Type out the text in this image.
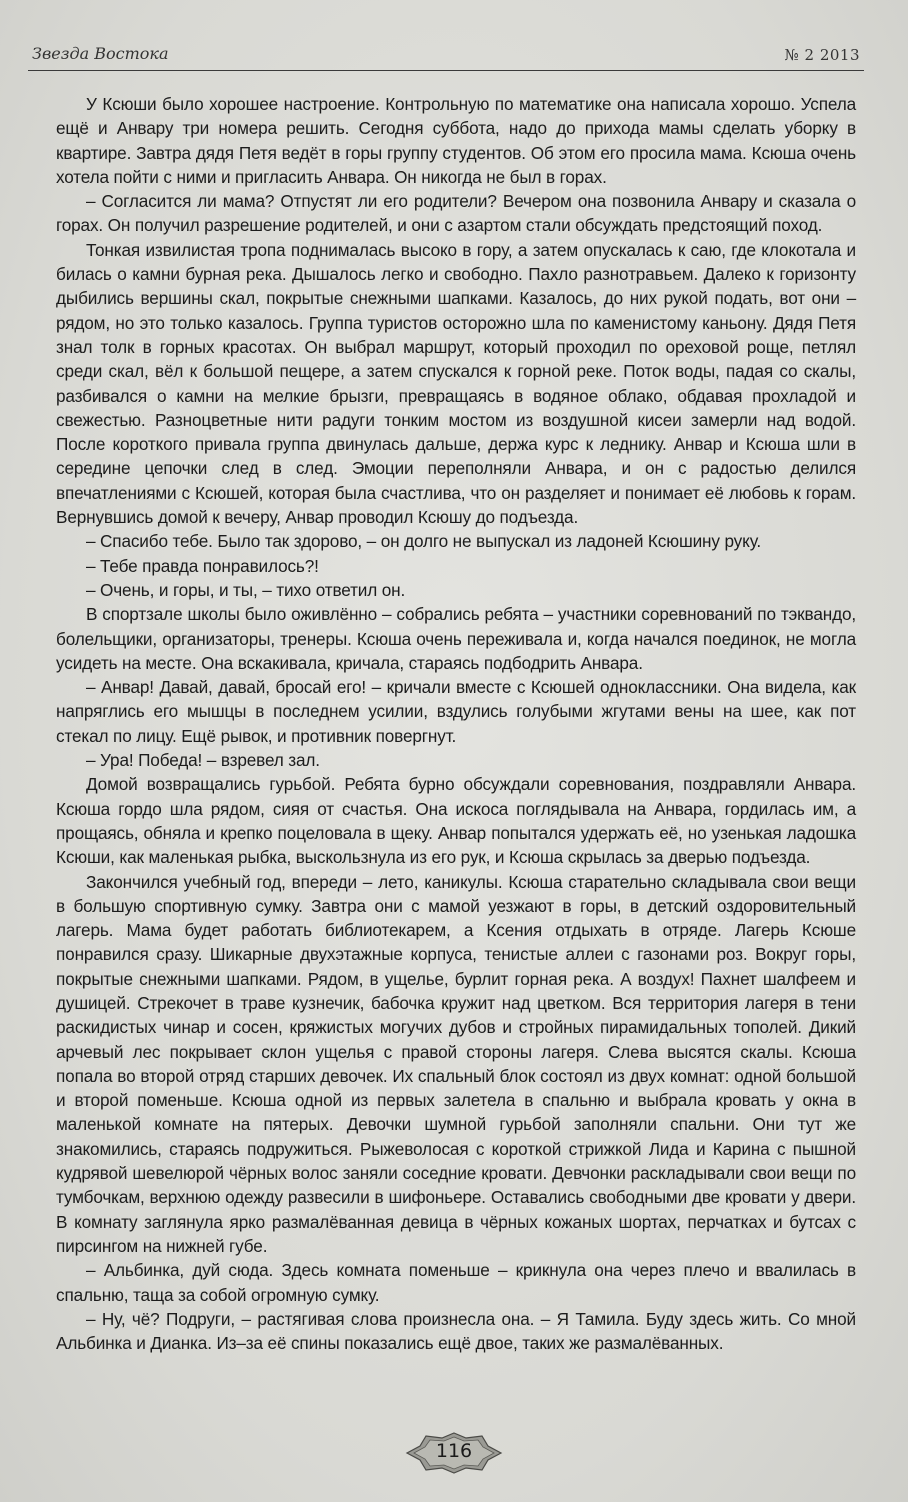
Звезда Востока	№ 2 2013

У Ксюши было хорошее настроение. Контрольную по математике она написала хорошо. Успела ещё и Анвару три номера решить. Сегодня суббота, надо до прихода мамы сделать уборку в квартире. Завтра дядя Петя ведёт в горы группу студентов. Об этом его просила мама. Ксюша очень хотела пойти с ними и пригласить Анвара. Он никогда не был в горах.

– Согласится ли мама? Отпустят ли его родители? Вечером она позвонила Анвару и сказала о горах. Он получил разрешение родителей, и они с азартом стали обсуждать предстоящий поход.

Тонкая извилистая тропа поднималась высоко в гору, а затем опускалась к саю, где клокотала и билась о камни бурная река. Дышалось легко и свободно. Пахло разнотравьем. Далеко к горизонту дыбились вершины скал, покрытые снежными шапками. Казалось, до них рукой подать, вот они – рядом, но это только казалось. Группа туристов осторожно шла по каменистому каньону. Дядя Петя знал толк в горных красотах. Он выбрал маршрут, который проходил по ореховой роще, петлял среди скал, вёл к большой пещере, а затем спускался к горной реке. Поток воды, падая со скалы, разбивался о камни на мелкие брызги, превращаясь в водяное облако, обдавая прохладой и свежестью. Разноцветные нити радуги тонким мостом из воздушной кисеи замерли над водой. После короткого привала группа двинулась дальше, держа курс к леднику. Анвар и Ксюша шли в середине цепочки след в след. Эмоции переполняли Анвара, и он с радостью делился впечатлениями с Ксюшей, которая была счастлива, что он разделяет и понимает её любовь к горам. Вернувшись домой к вечеру, Анвар проводил Ксюшу до подъезда.

– Спасибо тебе. Было так здорово, – он долго не выпускал из ладоней Ксюшину руку.

– Тебе правда понравилось?!

– Очень, и горы, и ты, – тихо ответил он.

В спортзале школы было оживлённо – собрались ребята – участники соревнований по тэквандо, болельщики, организаторы, тренеры. Ксюша очень переживала и, когда начался поединок, не могла усидеть на месте. Она вскакивала, кричала, стараясь подбодрить Анвара.

– Анвар! Давай, давай, бросай его! – кричали вместе с Ксюшей одноклассники. Она видела, как напряглись его мышцы в последнем усилии, вздулись голубыми жгутами вены на шее, как пот стекал по лицу. Ещё рывок, и противник повергнут.

– Ура! Победа! – взревел зал.

Домой возвращались гурьбой. Ребята бурно обсуждали соревнования, поздравляли Анвара. Ксюша гордо шла рядом, сияя от счастья. Она искоса поглядывала на Анвара, гордилась им, а прощаясь, обняла и крепко поцеловала в щеку. Анвар попытался удержать её, но узенькая ладошка Ксюши, как маленькая рыбка, выскользнула из его рук, и Ксюша скрылась за дверью подъезда.

Закончился учебный год, впереди – лето, каникулы. Ксюша старательно складывала свои вещи в большую спортивную сумку. Завтра они с мамой уезжают в горы, в детский оздоровительный лагерь. Мама будет работать библиотекарем, а Ксения отдыхать в отряде. Лагерь Ксюше понравился сразу. Шикарные двухэтажные корпуса, тенистые аллеи с газонами роз. Вокруг горы, покрытые снежными шапками. Рядом, в ущелье, бурлит горная река. А воздух! Пахнет шалфеем и душицей. Стрекочет в траве кузнечик, бабочка кружит над цветком. Вся территория лагеря в тени раскидистых чинар и сосен, кряжистых могучих дубов и стройных пирамидальных тополей. Дикий арчевый лес покрывает склон ущелья с правой стороны лагеря. Слева высятся скалы. Ксюша попала во второй отряд старших девочек. Их спальный блок состоял из двух комнат: одной большой и второй поменьше. Ксюша одной из первых залетела в спальню и выбрала кровать у окна в маленькой комнате на пятерых. Девочки шумной гурьбой заполняли спальни. Они тут же знакомились, стараясь подружиться. Рыжеволосая с короткой стрижкой Лида и Карина с пышной кудрявой шевелюрой чёрных волос заняли соседние кровати. Девчонки раскладывали свои вещи по тумбочкам, верхнюю одежду развесили в шифоньере. Оставались свободными две кровати у двери. В комнату заглянула ярко размалёванная девица в чёрных кожаных шортах, перчатках и бутсах с пирсингом на нижней губе.

– Альбинка, дуй сюда. Здесь комната поменьше – крикнула она через плечо и ввалилась в спальню, таща за собой огромную сумку.

– Ну, чё? Подруги, – растягивая слова произнесла она. – Я Тамила. Буду здесь жить. Со мной Альбинка и Дианка. Из–за её спины показались ещё двое, таких же размалёванных.

116
